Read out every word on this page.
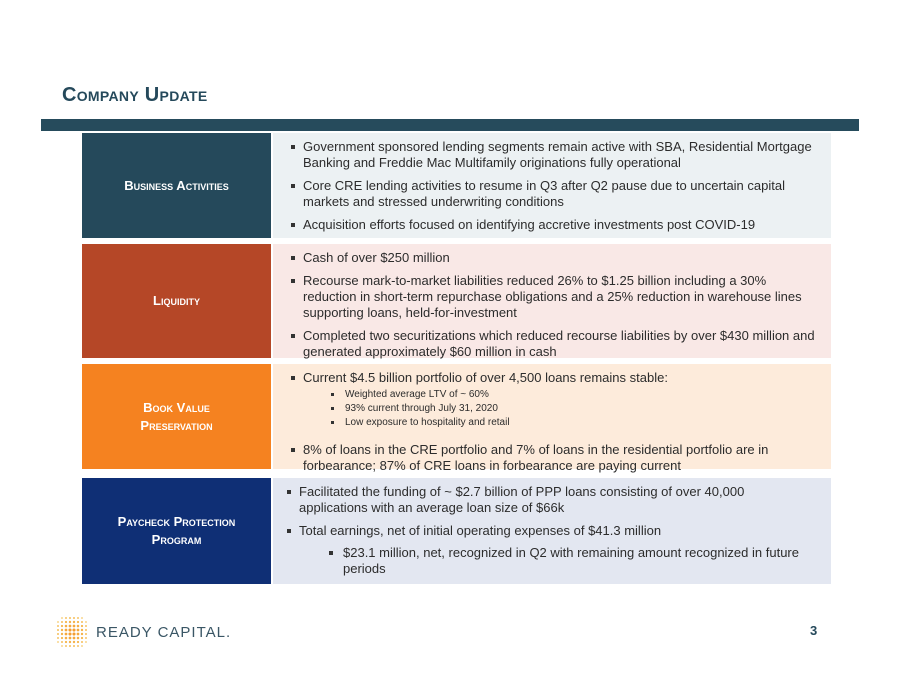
Company Update
Business Activities
Government sponsored lending segments remain active with SBA, Residential Mortgage Banking and Freddie Mac Multifamily originations fully operational
Core CRE lending activities to resume in Q3 after Q2 pause due to uncertain capital markets and stressed underwriting conditions
Acquisition efforts focused on identifying accretive investments post COVID-19
Liquidity
Cash of over $250 million
Recourse mark-to-market liabilities reduced 26% to $1.25 billion including a 30% reduction in short-term repurchase obligations and a 25% reduction in warehouse lines supporting loans, held-for-investment
Completed two securitizations which reduced recourse liabilities by over $430 million and generated approximately $60 million in cash
Book Value
Preservation
Current $4.5 billion portfolio of over 4,500 loans remains stable:
Weighted average LTV of ~ 60%
93% current through July 31, 2020
Low exposure to hospitality and retail
8% of loans in the CRE portfolio and 7% of loans in the residential portfolio are in forbearance; 87% of CRE loans in forbearance are paying current
Paycheck Protection
Program
Facilitated the funding of ~ $2.7 billion of PPP loans consisting of over 40,000 applications with an average loan size of $66k
Total earnings, net of initial operating expenses of $41.3 million
$23.1 million, net, recognized in Q2 with remaining amount recognized in future periods
READY CAPITAL.	3
